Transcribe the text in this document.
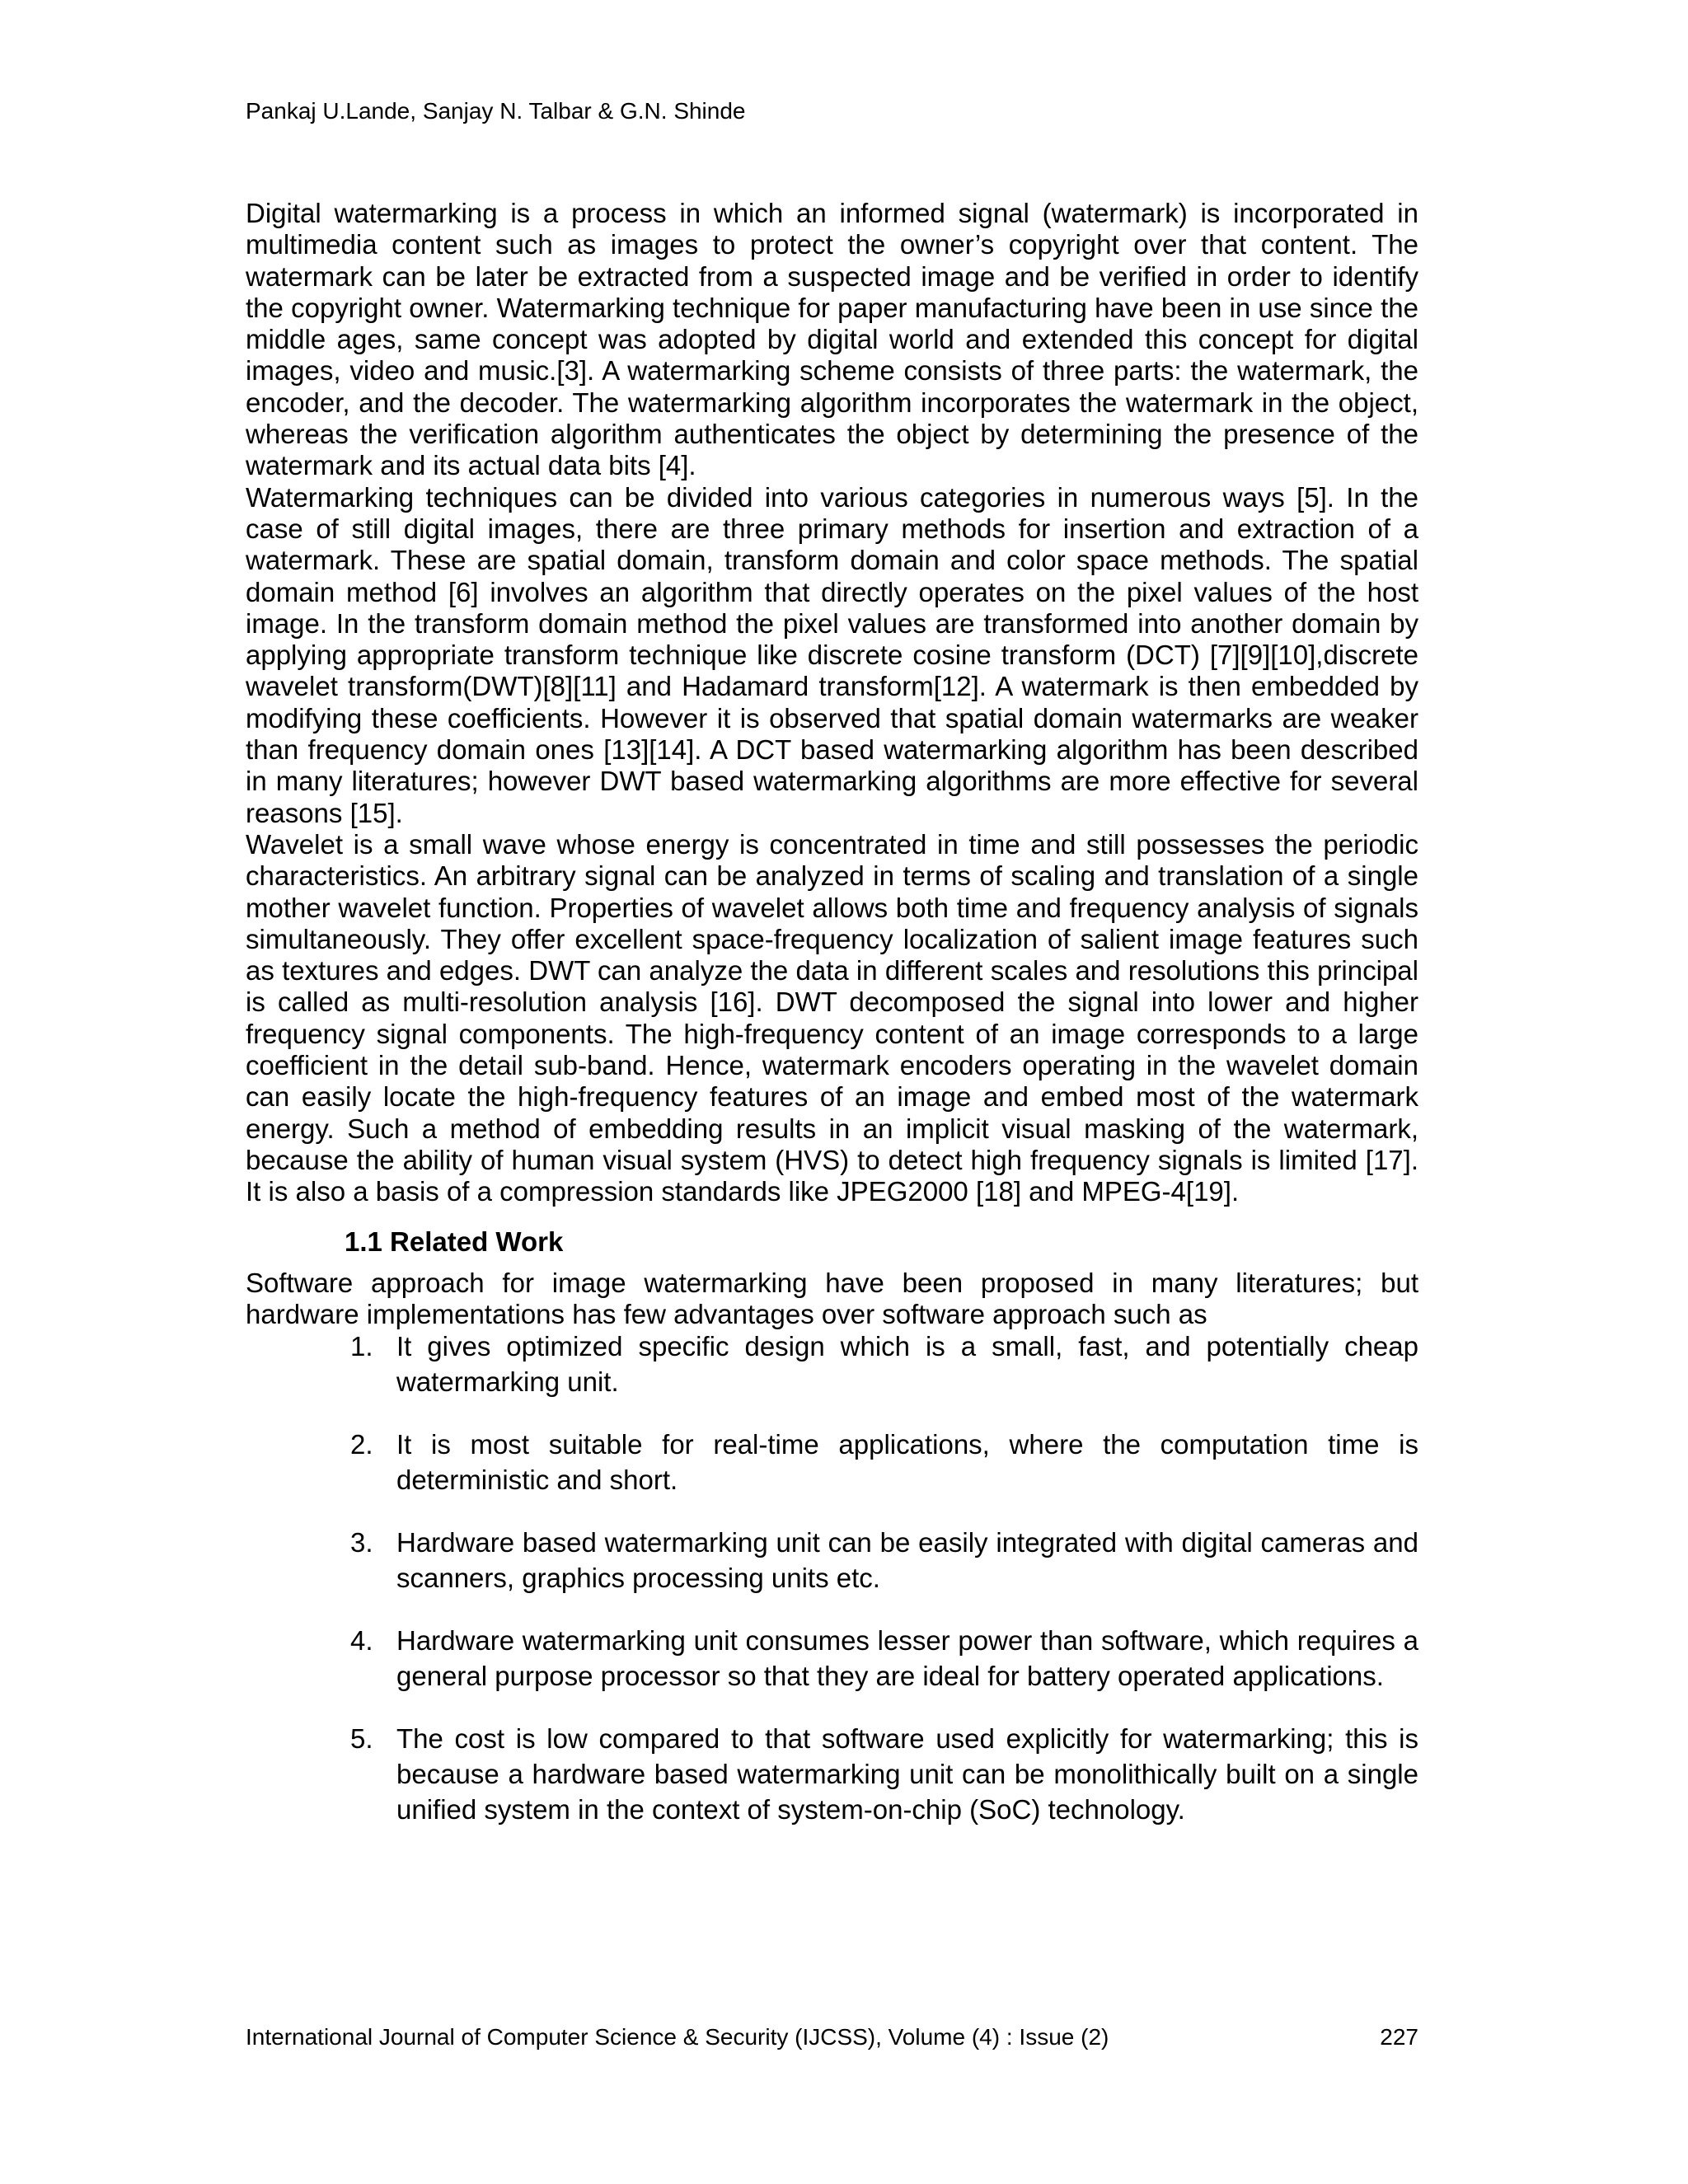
Pankaj U.Lande, Sanjay N. Talbar & G.N. Shinde

Digital watermarking is a process in which an informed signal (watermark) is incorporated in multimedia content such as images to protect the owner’s copyright over that content. The watermark can be later be extracted from a suspected image and be verified in order to identify the copyright owner. Watermarking technique for paper manufacturing have been in use since the middle ages, same concept was adopted by digital world and extended this concept for digital images, video and music.[3]. A watermarking scheme consists of three parts: the watermark, the encoder, and the decoder. The watermarking algorithm incorporates the watermark in the object, whereas the verification algorithm authenticates the object by determining the presence of the watermark and its actual data bits [4].

Watermarking techniques can be divided into various categories in numerous ways [5]. In the case of still digital images, there are three primary methods for insertion and extraction of a watermark. These are spatial domain, transform domain and color space methods. The spatial domain method [6] involves an algorithm that directly operates on the pixel values of the host image. In the transform domain method the pixel values are transformed into another domain by applying appropriate transform technique like discrete cosine transform (DCT) [7][9][10],discrete wavelet transform(DWT)[8][11] and Hadamard transform[12]. A watermark is then embedded by modifying these coefficients. However it is observed that spatial domain watermarks are weaker than frequency domain ones [13][14]. A DCT based watermarking algorithm has been described in many literatures; however DWT based watermarking algorithms are more effective for several reasons [15].

Wavelet is a small wave whose energy is concentrated in time and still possesses the periodic characteristics. An arbitrary signal can be analyzed in terms of scaling and translation of a single mother wavelet function. Properties of wavelet allows both time and frequency analysis of signals simultaneously. They offer excellent space-frequency localization of salient image features such as textures and edges. DWT can analyze the data in different scales and resolutions this principal is called as multi-resolution analysis [16]. DWT decomposed the signal into lower and higher frequency signal components. The high-frequency content of an image corresponds to a large coefficient in the detail sub-band. Hence, watermark encoders operating in the wavelet domain can easily locate the high-frequency features of an image and embed most of the watermark energy. Such a method of embedding results in an implicit visual masking of the watermark, because the ability of human visual system (HVS) to detect high frequency signals is limited [17]. It is also a basis of a compression standards like JPEG2000 [18] and MPEG-4[19].

1.1 Related Work

Software approach for image watermarking have been proposed in many literatures; but hardware implementations has few advantages over software approach such as

1. It gives optimized specific design which is a small, fast, and potentially cheap watermarking unit.
2. It is most suitable for real-time applications, where the computation time is deterministic and short.
3. Hardware based watermarking unit can be easily integrated with digital cameras and scanners, graphics processing units etc.
4. Hardware watermarking unit consumes lesser power than software, which requires a general purpose processor so that they are ideal for battery operated applications.
5. The cost is low compared to that software used explicitly for watermarking; this is because a hardware based watermarking unit can be monolithically built on a single unified system in the context of system-on-chip (SoC) technology.
International Journal of Computer Science & Security (IJCSS), Volume (4) : Issue (2)	227
